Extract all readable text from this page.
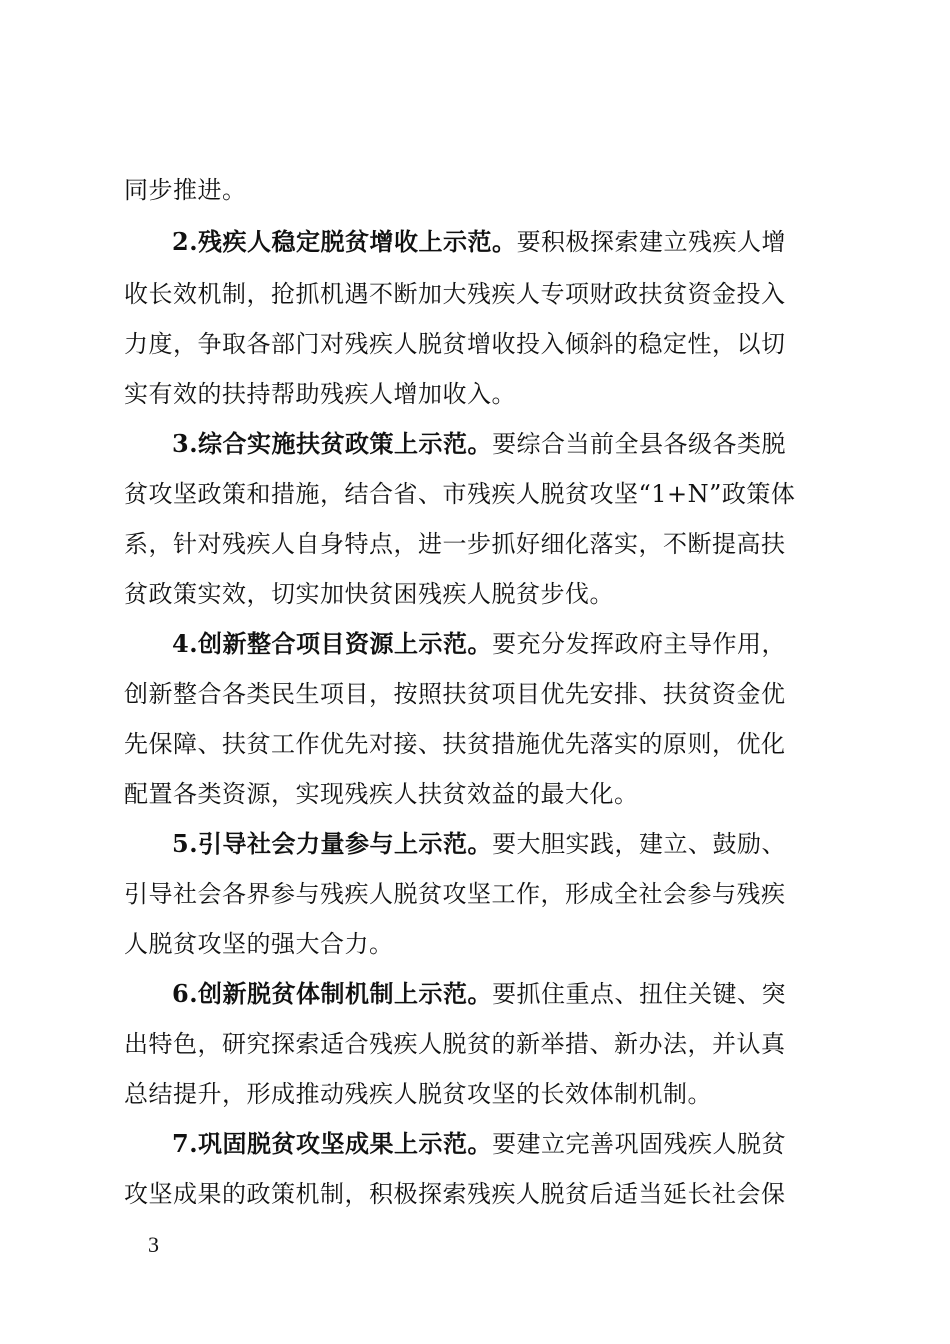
同步推进。
2.残疾人稳定脱贫增收上示范。要积极探索建立残疾人增
收长效机制，抢抓机遇不断加大残疾人专项财政扶贫资金投入
力度，争取各部门对残疾人脱贫增收投入倾斜的稳定性，以切
实有效的扶持帮助残疾人增加收入。
3.综合实施扶贫政策上示范。要综合当前全县各级各类脱
贫攻坚政策和措施，结合省、市残疾人脱贫攻坚“1+N”政策体
系，针对残疾人自身特点，进一步抓好细化落实，不断提高扶
贫政策实效，切实加快贫困残疾人脱贫步伐。
4.创新整合项目资源上示范。要充分发挥政府主导作用，
创新整合各类民生项目，按照扶贫项目优先安排、扶贫资金优
先保障、扶贫工作优先对接、扶贫措施优先落实的原则，优化
配置各类资源，实现残疾人扶贫效益的最大化。
5.引导社会力量参与上示范。要大胆实践，建立、鼓励、
引导社会各界参与残疾人脱贫攻坚工作，形成全社会参与残疾
人脱贫攻坚的强大合力。
6.创新脱贫体制机制上示范。要抓住重点、扭住关键、突
出特色，研究探索适合残疾人脱贫的新举措、新办法，并认真
总结提升，形成推动残疾人脱贫攻坚的长效体制机制。
7.巩固脱贫攻坚成果上示范。要建立完善巩固残疾人脱贫
攻坚成果的政策机制，积极探索残疾人脱贫后适当延长社会保
3
